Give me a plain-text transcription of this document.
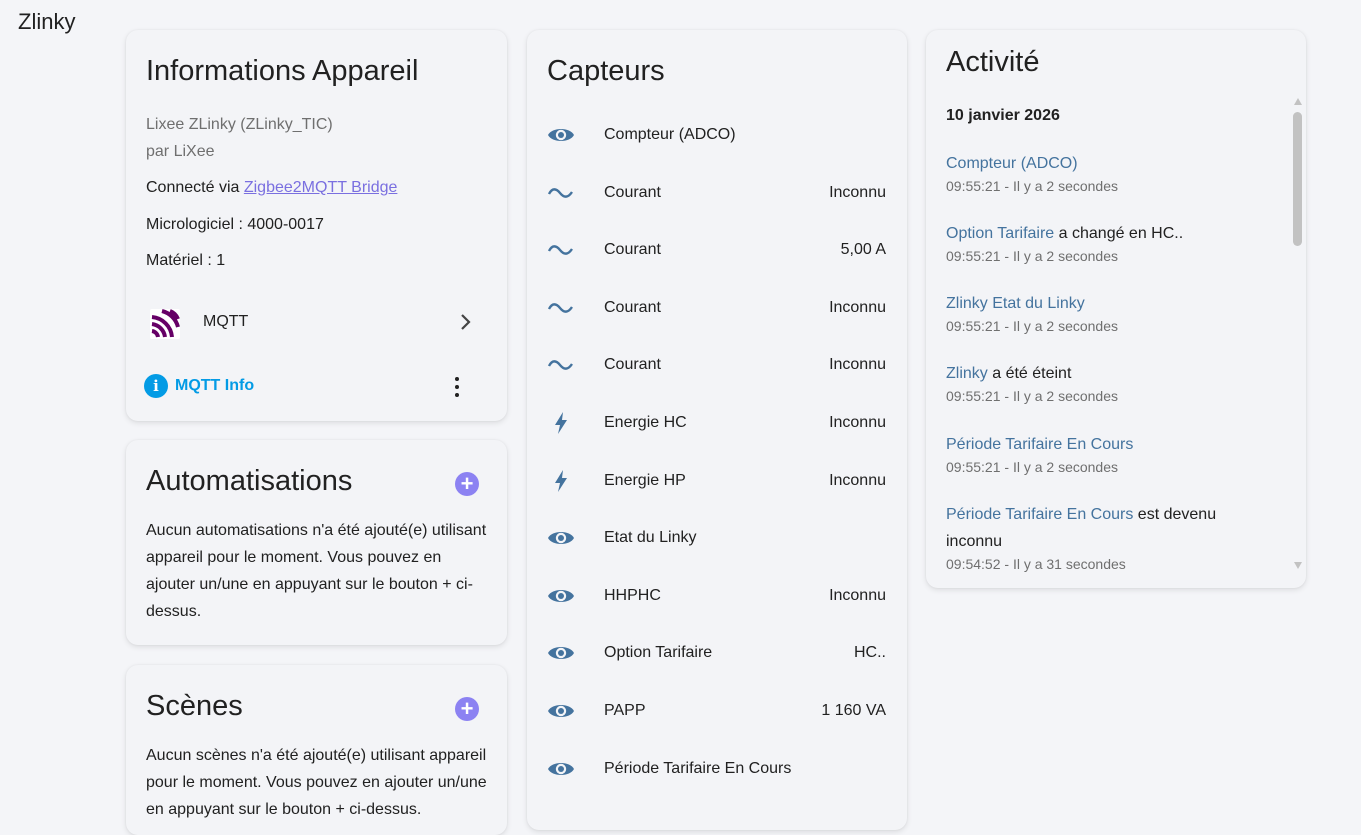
Zlinky
Informations Appareil
Lixee ZLinky (ZLinky_TIC)
par LiXee
Connecté via Zigbee2MQTT Bridge
Micrologiciel : 4000-0017
Matériel : 1
MQTT
i	MQTT Info
Automatisations	+
Aucun automatisations n'a été ajouté(e) utilisant appareil pour le moment. Vous pouvez en ajouter un/une en appuyant sur le bouton + ci-dessus.
Scènes	+
Aucun scènes n'a été ajouté(e) utilisant appareil pour le moment. Vous pouvez en ajouter un/une en appuyant sur le bouton + ci-dessus.
Capteurs
Compteur (ADCO)
Courant	Inconnu
Courant	5,00 A
Courant	Inconnu
Courant	Inconnu
Energie HC	Inconnu
Energie HP	Inconnu
Etat du Linky
HHPHC	Inconnu
Option Tarifaire	HC..
PAPP	1 160 VA
Période Tarifaire En Cours
Activité
10 janvier 2026
Compteur (ADCO)
09:55:21 - Il y a 2 secondes
Option Tarifaire a changé en HC..
09:55:21 - Il y a 2 secondes
Zlinky Etat du Linky
09:55:21 - Il y a 2 secondes
Zlinky a été éteint
09:55:21 - Il y a 2 secondes
Période Tarifaire En Cours
09:55:21 - Il y a 2 secondes
Période Tarifaire En Cours est devenu inconnu
09:54:52 - Il y a 31 secondes
